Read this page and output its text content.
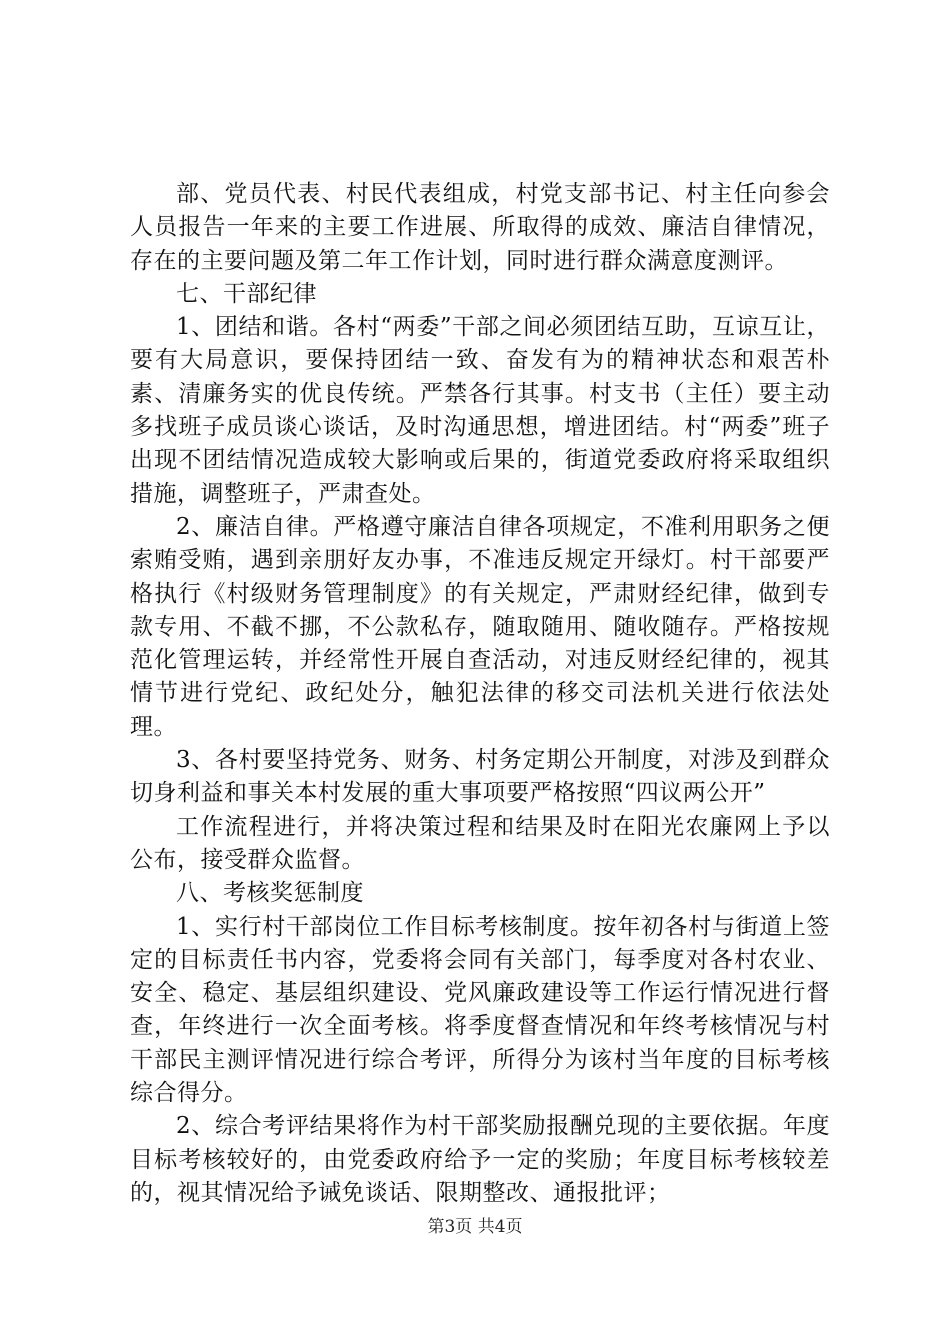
部、党员代表、村民代表组成，村党支部书记、村主任向参会人员报告一年来的主要工作进展、所取得的成效、廉洁自律情况，存在的主要问题及第二年工作计划，同时进行群众满意度测评。

七、干部纪律

1、团结和谐。各村“两委”干部之间必须团结互助，互谅互让，要有大局意识，要保持团结一致、奋发有为的精神状态和艰苦朴素、清廉务实的优良传统。严禁各行其事。村支书（主任）要主动多找班子成员谈心谈话，及时沟通思想，增进团结。村“两委”班子出现不团结情况造成较大影响或后果的，街道党委政府将采取组织措施，调整班子，严肃查处。

2、廉洁自律。严格遵守廉洁自律各项规定，不准利用职务之便索贿受贿，遇到亲朋好友办事，不准违反规定开绿灯。村干部要严格执行《村级财务管理制度》的有关规定，严肃财经纪律，做到专款专用、不截不挪，不公款私存，随取随用、随收随存。严格按规范化管理运转，并经常性开展自查活动，对违反财经纪律的，视其情节进行党纪、政纪处分，触犯法律的移交司法机关进行依法处理。

3、各村要坚持党务、财务、村务定期公开制度，对涉及到群众切身利益和事关本村发展的重大事项要严格按照“四议两公开”

工作流程进行，并将决策过程和结果及时在阳光农廉网上予以公布，接受群众监督。

八、考核奖惩制度

1、实行村干部岗位工作目标考核制度。按年初各村与街道上签定的目标责任书内容，党委将会同有关部门，每季度对各村农业、安全、稳定、基层组织建设、党风廉政建设等工作运行情况进行督查，年终进行一次全面考核。将季度督查情况和年终考核情况与村干部民主测评情况进行综合考评，所得分为该村当年度的目标考核综合得分。

2、综合考评结果将作为村干部奖励报酬兑现的主要依据。年度目标考核较好的，由党委政府给予一定的奖励；年度目标考核较差的，视其情况给予诫免谈话、限期整改、通报批评；

第3页 共4页
